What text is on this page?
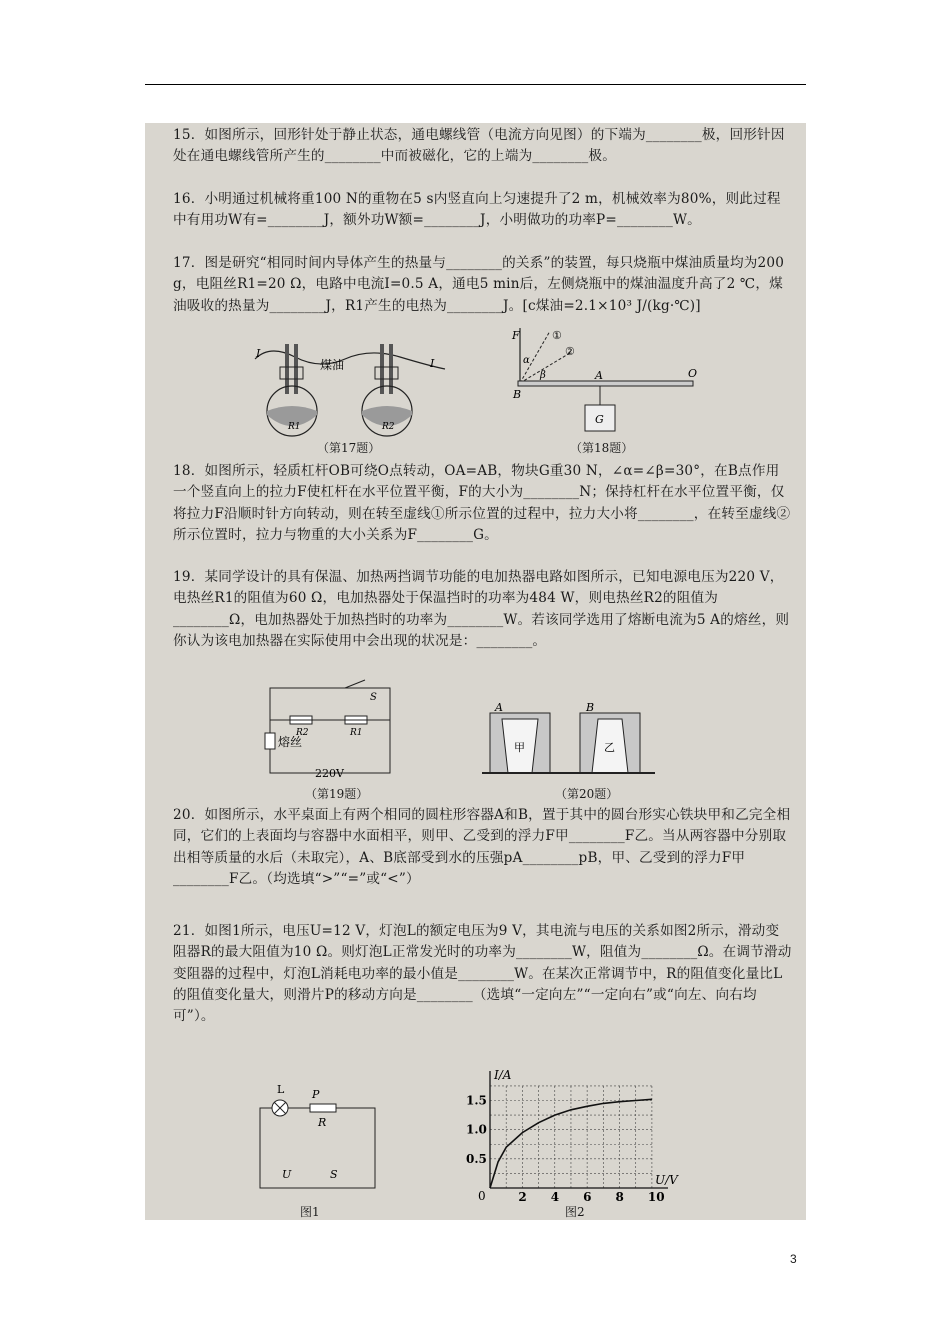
15．如图所示，回形针处于静止状态，通电螺线管（电流方向见图）的下端为________极，回形针因处在通电螺线管所产生的________中而被磁化，它的上端为________极。
16．小明通过机械将重100 N的重物在5 s内竖直向上匀速提升了2 m，机械效率为80%，则此过程中有用功W有=________J，额外功W额=________J，小明做功的功率P=________W。
17．图是研究“相同时间内导体产生的热量与________的关系”的装置，每只烧瓶中煤油质量均为200 g，电阻丝R1=20 Ω，电路中电流I=0.5 A，通电5 min后，左侧烧瓶中的煤油温度升高了2 ℃，煤油吸收的热量为________J，R1产生的电热为________J。[c煤油=2.1×10³ J/(kg·℃)]
I
I
煤油
R1	R2
（第17题）
F	①
②
α
β
B
A	O
G
（第18题）
18．如图所示，轻质杠杆OB可绕O点转动，OA=AB，物块G重30 N，∠α=∠β=30°，在B点作用一个竖直向上的拉力F使杠杆在水平位置平衡，F的大小为________N；保持杠杆在水平位置平衡，仅将拉力F沿顺时针方向转动，则在转至虚线①所示位置的过程中，拉力大小将________，在转至虚线②所示位置时，拉力与物重的大小关系为F________G。
19．某同学设计的具有保温、加热两挡调节功能的电加热器电路如图所示，已知电源电压为220 V，电热丝R1的阻值为60 Ω，电加热器处于保温挡时的功率为484 W，则电热丝R2的阻值为________Ω，电加热器处于加热挡时的功率为________W。若该同学选用了熔断电流为5 A的熔丝，则你认为该电加热器在实际使用中会出现的状况是：________。
S
R2	R1
熔丝
220V
（第19题）
A	B
甲	乙
（第20题）
20．如图所示，水平桌面上有两个相同的圆柱形容器A和B，置于其中的圆台形实心铁块甲和乙完全相同，它们的上表面均与容器中水面相平，则甲、乙受到的浮力F甲________F乙。当从两容器中分别取出相等质量的水后（未取完），A、B底部受到水的压强pA________pB，甲、乙受到的浮力F甲________F乙。（均选填“>”“=”或“<”）
21．如图1所示，电压U=12 V，灯泡L的额定电压为9 V，其电流与电压的关系如图2所示，滑动变阻器R的最大阻值为10 Ω。则灯泡L正常发光时的功率为________W，阻值为________Ω。在调节滑动变阻器的过程中，灯泡L消耗电功率的最小值是________W。在某次正常调节中，R的阻值变化量比L的阻值变化量大，则滑片P的移动方向是________（选填“一定向左”“一定向右”或“向左、向右均可”）。
L	P
R
U	S
图1
2 4 6 8 10
0.5
1.0
1.5
0
U/V
I/A
图2
3
